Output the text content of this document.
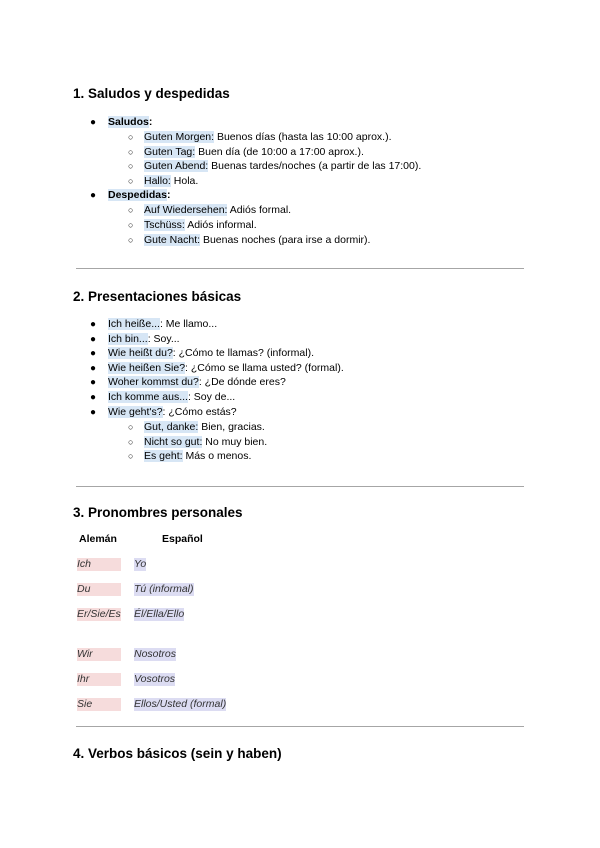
1. Saludos y despedidas
● Saludos:
○ Guten Morgen: Buenos días (hasta las 10:00 aprox.).
○ Guten Tag: Buen día (de 10:00 a 17:00 aprox.).
○ Guten Abend: Buenas tardes/noches (a partir de las 17:00).
○ Hallo: Hola.
● Despedidas:
○ Auf Wiedersehen: Adiós formal.
○ Tschüss: Adiós informal.
○ Gute Nacht: Buenas noches (para irse a dormir).
2. Presentaciones básicas
● Ich heiße...: Me llamo...
● Ich bin...: Soy...
● Wie heißt du?: ¿Cómo te llamas? (informal).
● Wie heißen Sie?: ¿Cómo se llama usted? (formal).
● Woher kommst du?: ¿De dónde eres?
● Ich komme aus...: Soy de...
● Wie geht's?: ¿Cómo estás?
○ Gut, danke: Bien, gracias.
○ Nicht so gut: No muy bien.
○ Es geht: Más o menos.
3. Pronombres personales
Alemán	Español
Ich	Yo
Du	Tú (informal)
Er/Sie/Es Él/Ella/Ello
Wir	Nosotros
Ihr	Vosotros
Sie	Ellos/Usted (formal)
4. Verbos básicos (sein y haben)
